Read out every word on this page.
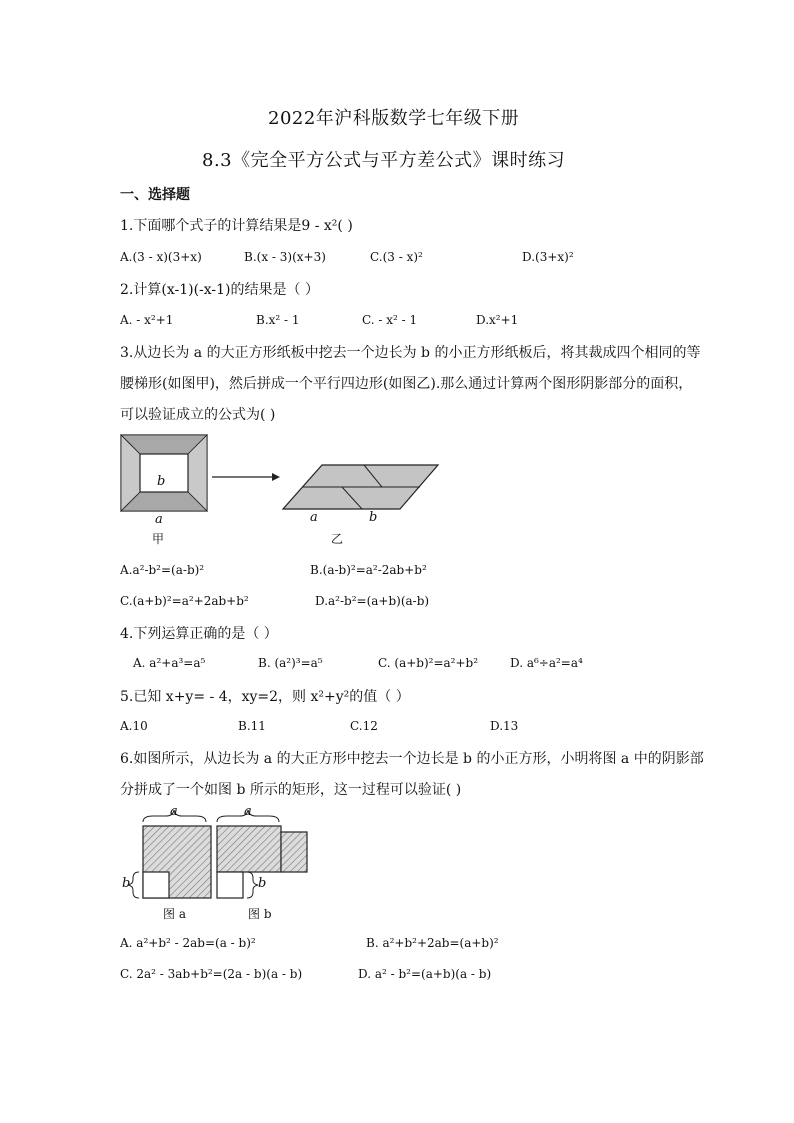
2022年沪科版数学七年级下册
8.3《完全平方公式与平方差公式》课时练习
一、选择题
1.下面哪个式子的计算结果是9 - x²( )
A.(3 - x)(3+x)	B.(x - 3)(x+3)	C.(3 - x)²	D.(3+x)²
2.计算(x-1)(-x-1)的结果是（ ）
A. - x²+1	B.x² - 1	C. - x² - 1	D.x²+1
3.从边长为 a 的大正方形纸板中挖去一个边长为 b 的小正方形纸板后，将其裁成四个相同的等
腰梯形(如图甲)，然后拼成一个平行四边形(如图乙).那么通过计算两个图形阴影部分的面积，
可以验证成立的公式为( )
b
a
甲
a	b
乙
A.a²-b²=(a-b)²	B.(a-b)²=a²-2ab+b²
C.(a+b)²=a²+2ab+b²	D.a²-b²=(a+b)(a-b)
4.下列运算正确的是（ ）
A. a²+a³=a⁵	B. (a²)³=a⁵	C. (a+b)²=a²+b²	D. a⁶÷a²=a⁴
5.已知 x+y= - 4，xy=2，则 x²+y²的值（ ）
A.10	B.11	C.12	D.13
6.如图所示，从边长为 a 的大正方形中挖去一个边长是 b 的小正方形，小明将图 a 中的阴影部
分拼成了一个如图 b 所示的矩形，这一过程可以验证( )
a
b
图 a
a
b
图 b
A. a²+b² - 2ab=(a - b)²	B. a²+b²+2ab=(a+b)²
C. 2a² - 3ab+b²=(2a - b)(a - b)	D. a² - b²=(a+b)(a - b)
